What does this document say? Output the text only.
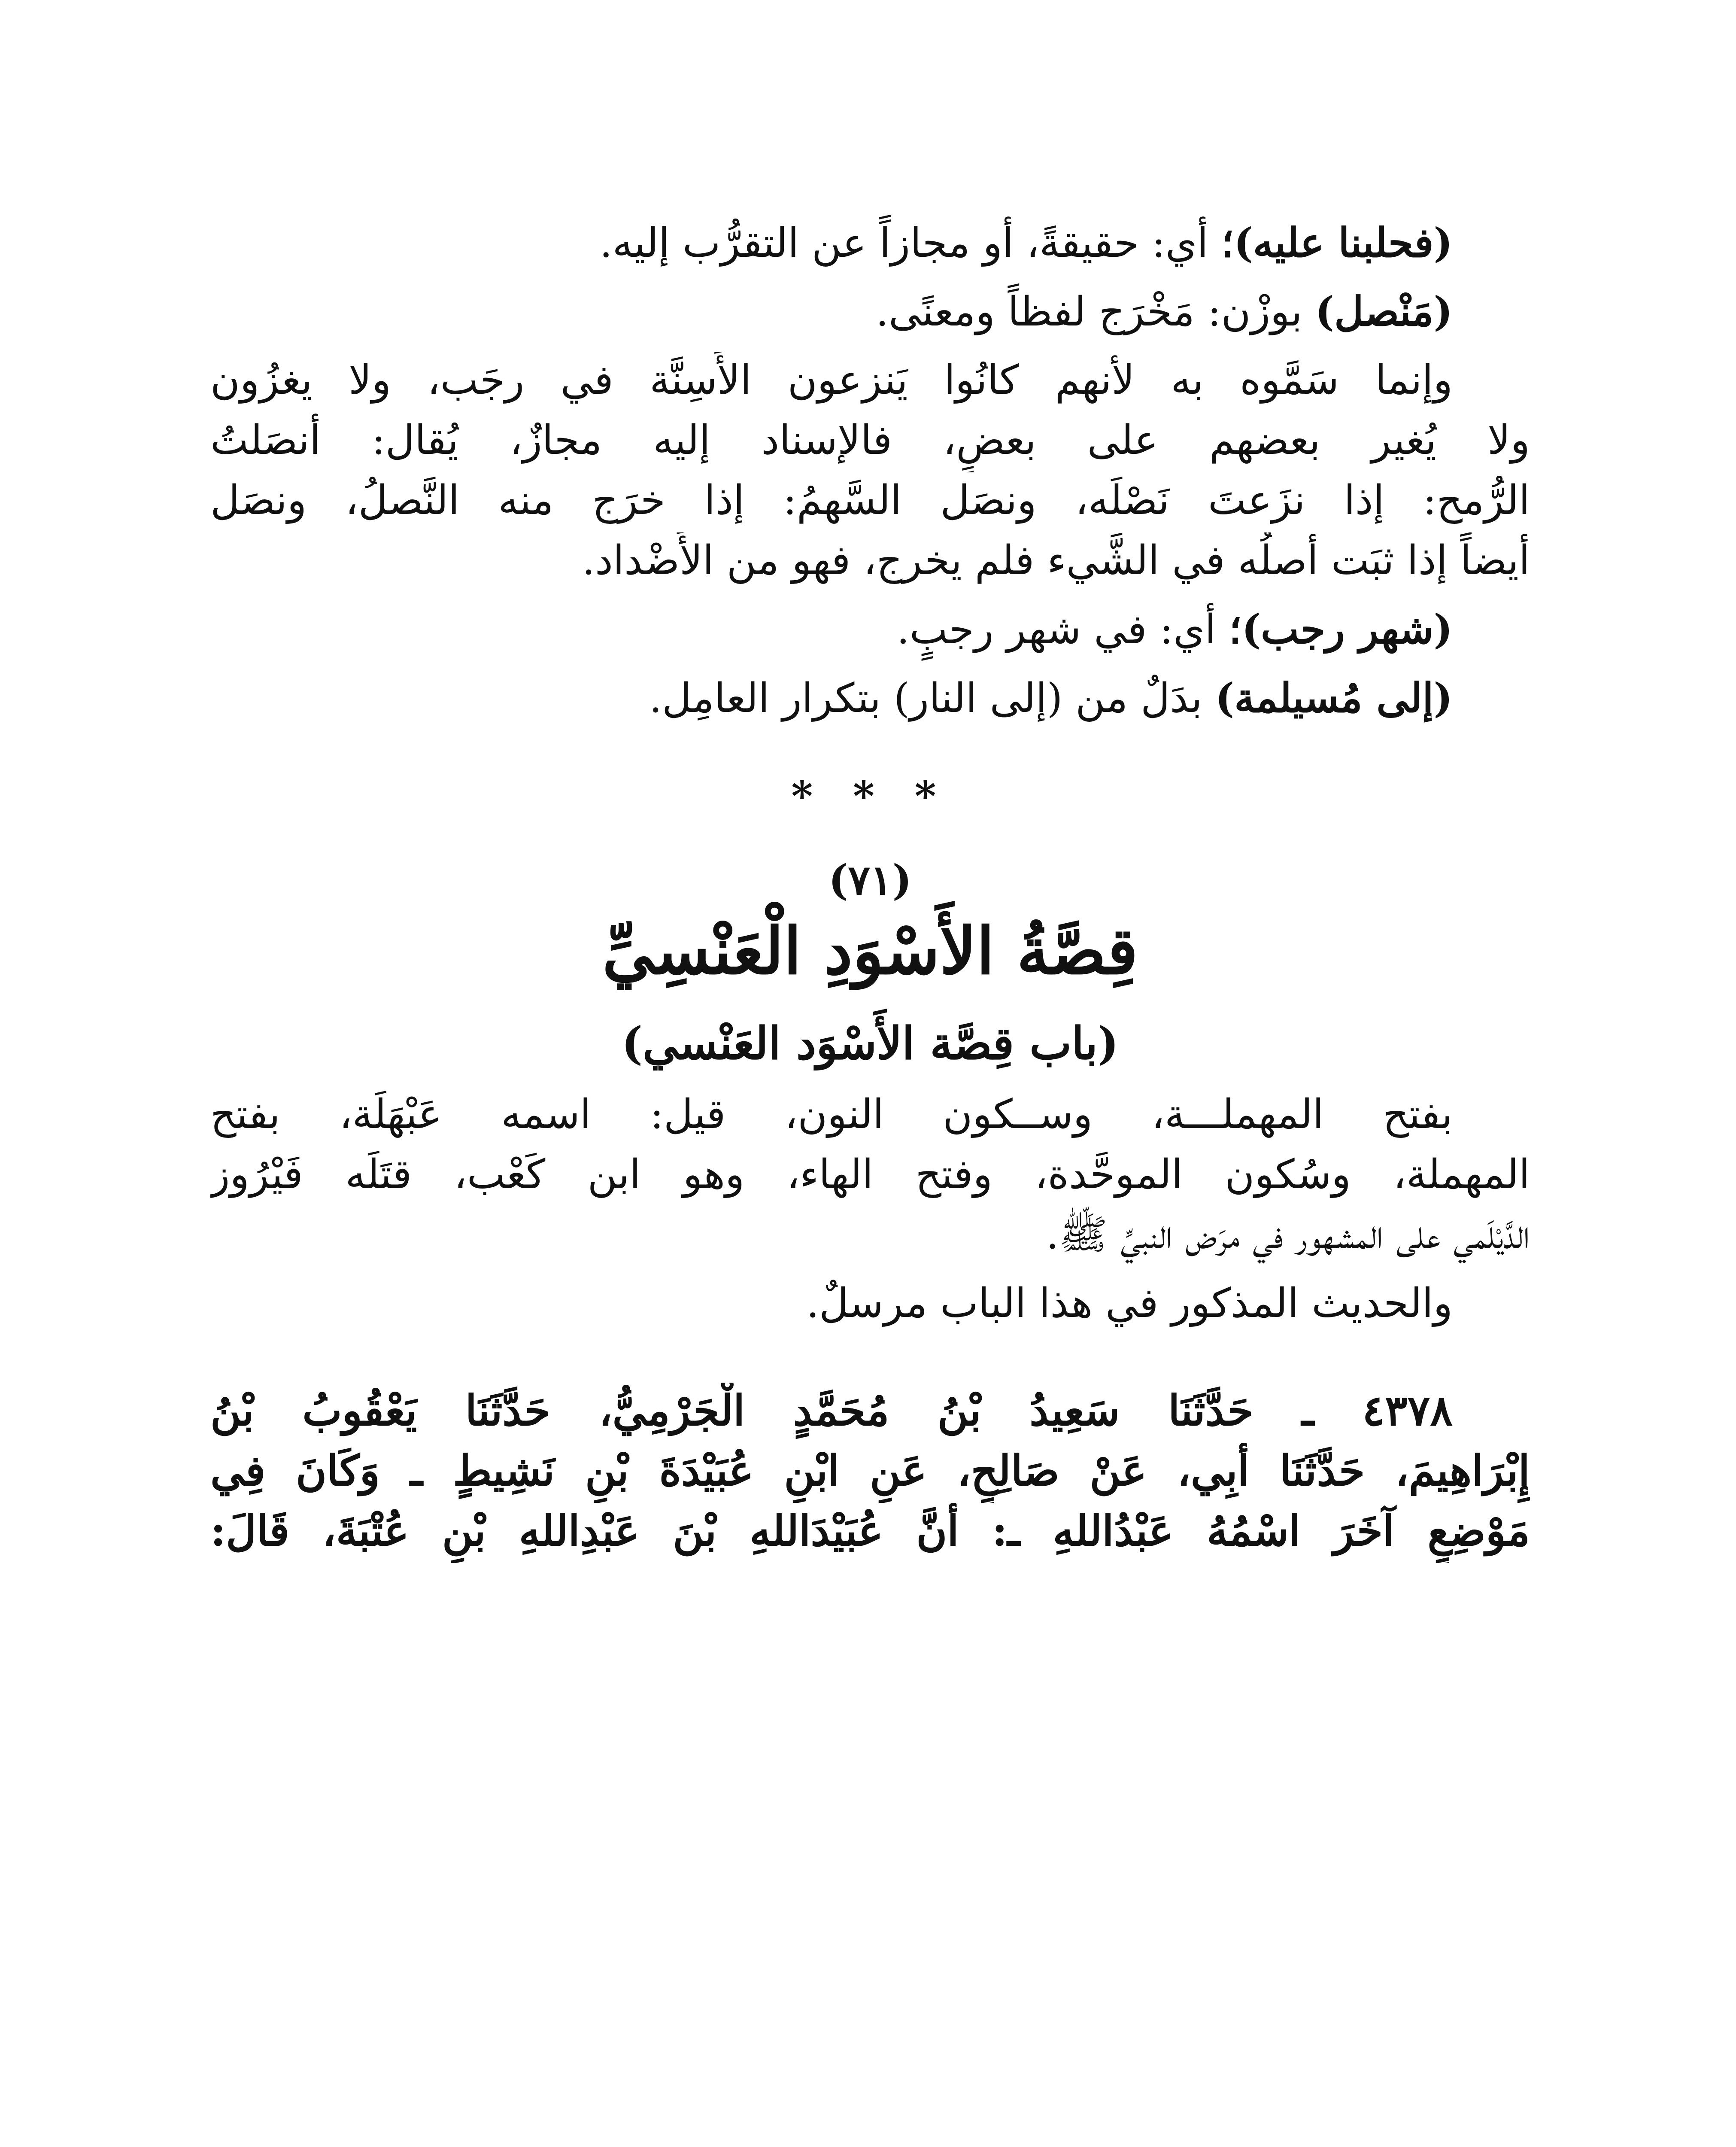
(فحلبنا عليه)؛ أي: حقيقةً، أو مجازاً عن التقرُّب إليه.
(مَنْصل) بوزْن: مَخْرَج لفظاً ومعنًى.
وإنما سَمَّوه به لأنهم كانُوا يَنزعون الأَسِنَّة في رجَب، ولا يغزُون
ولا يُغير بعضهم على بعضٍ، فالإسناد إليه مجازٌ، يُقال: أنصَلتُ
الرُّمح: إذا نزَعتَ نَصْلَه، ونصَل السَّهمُ: إذا خرَج منه النَّصلُ، ونصَل
أيضاً إذا ثبَت أصلُه في الشَّيء فلم يخرج، فهو من الأَضْداد.
(شهر رجب)؛ أي: في شهر رجبٍ.
(إلى مُسيلمة) بدَلٌ من (إلى النار) بتكرار العامِل.
* * *
(٧١)
قِصَّةُ الأَسْوَدِ الْعَنْسِيِّ
(باب قِصَّة الأَسْوَد العَنْسي)
بفتح المهملـــة، وســكون النون، قيل: اسمه عَبْهَلَة، بفتح
المهملة، وسُكون الموحَّدة، وفتح الهاء، وهو ابن كَعْب، قتَلَه فَيْرُوز
الدَّيْلَمي على المشهور في مرَض النبيِّ ﷺ.
والحديث المذكور في هذا الباب مرسلٌ.
٤٣٧٨ ـ حَدَّثَنَا سَعِيدُ بْنُ مُحَمَّدٍ الْجَرْمِيُّ، حَدَّثَنَا يَعْقُوبُ بْنُ
إِبْرَاهِيمَ، حَدَّثَنَا أَبِي، عَنْ صَالِحٍ، عَنِ ابْنِ عُبَيْدَةَ بْنِ نَشِيطٍ ـ وَكَانَ فِي
مَوْضِعٍ آخَرَ اسْمُهُ عَبْدُاللهِ ـ: أَنَّ عُبَيْدَاللهِ بْنَ عَبْدِاللهِ بْنِ عُتْبَةَ، قَالَ:
